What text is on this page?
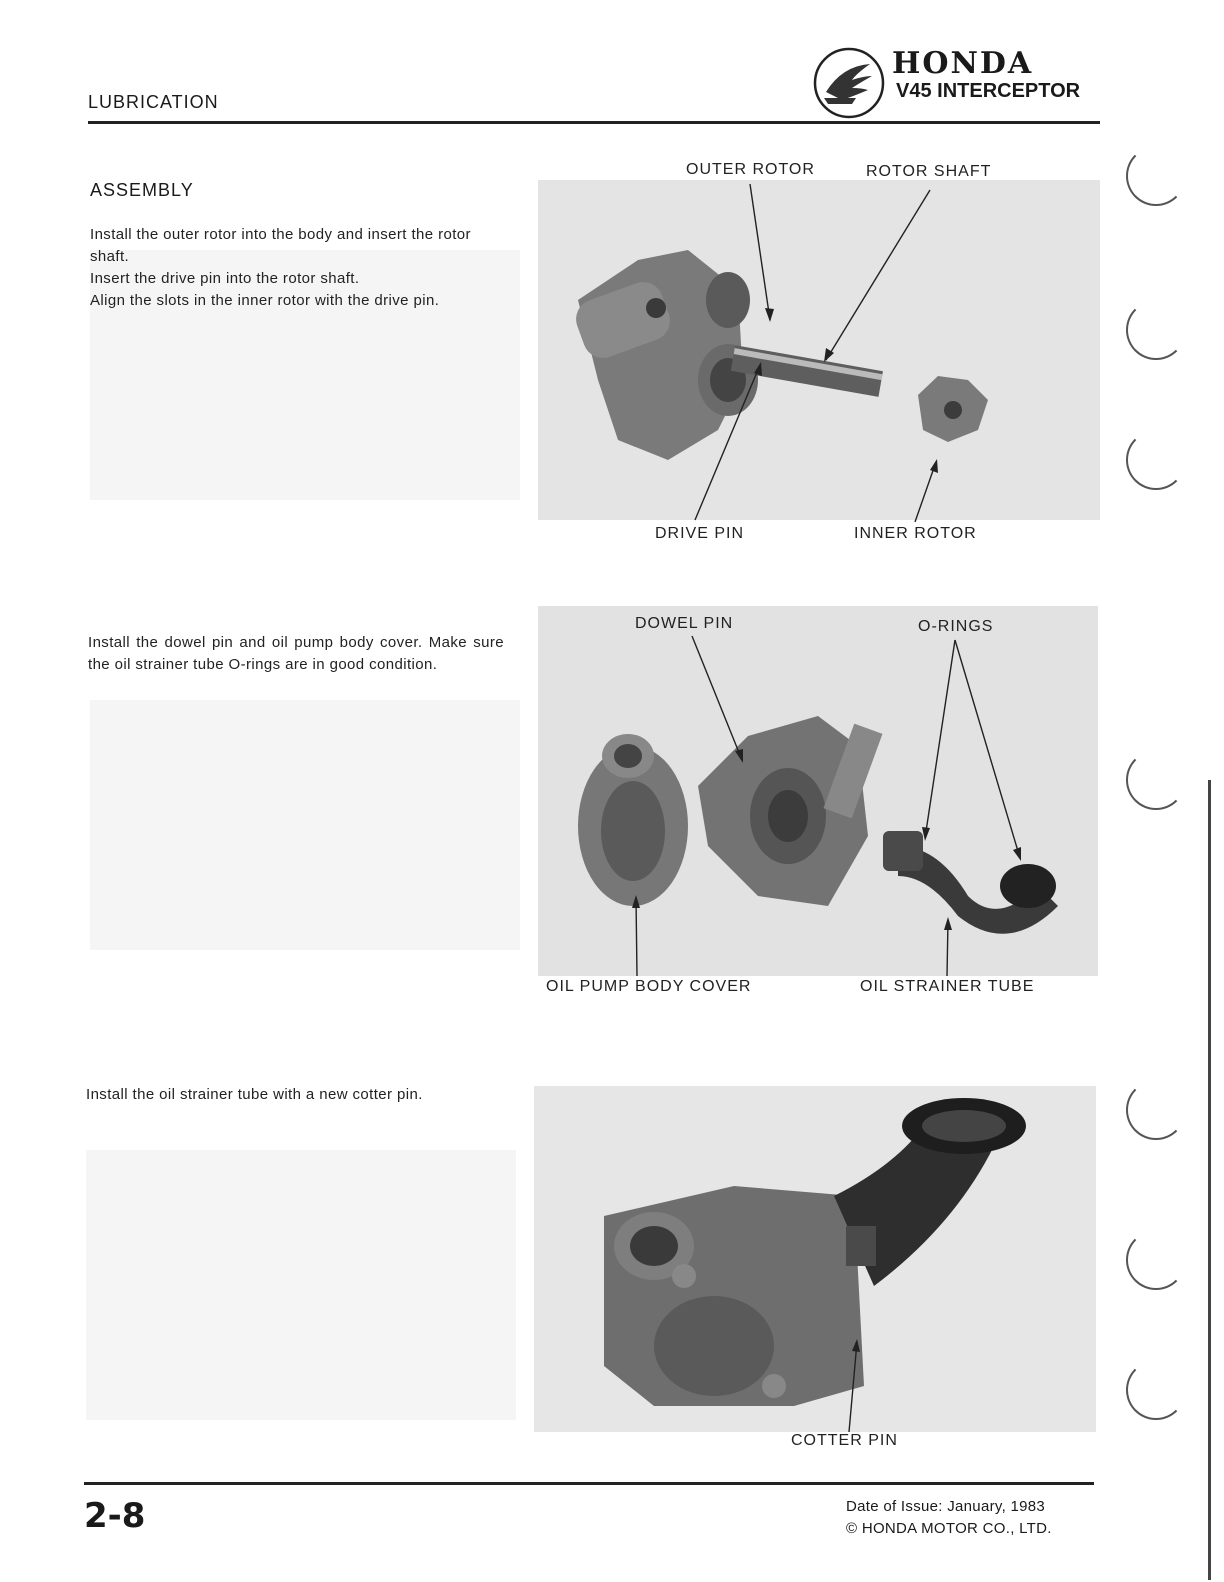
LUBRICATION
HONDA
V45 INTERCEPTOR
ASSEMBLY
Install the outer rotor into the body and insert the rotor shaft.
Insert the drive pin into the rotor shaft.
Align the slots in the inner rotor with the drive pin.
OUTER ROTOR	ROTOR SHAFT
DRIVE PIN	INNER ROTOR
Install the dowel pin and oil pump body cover. Make sure the oil strainer tube O-rings are in good condition.
DOWEL PIN	O-RINGS
OIL PUMP BODY COVER	OIL STRAINER TUBE
Install the oil strainer tube with a new cotter pin.
COTTER PIN
2-8	Date of Issue: January, 1983
© HONDA MOTOR CO., LTD.
